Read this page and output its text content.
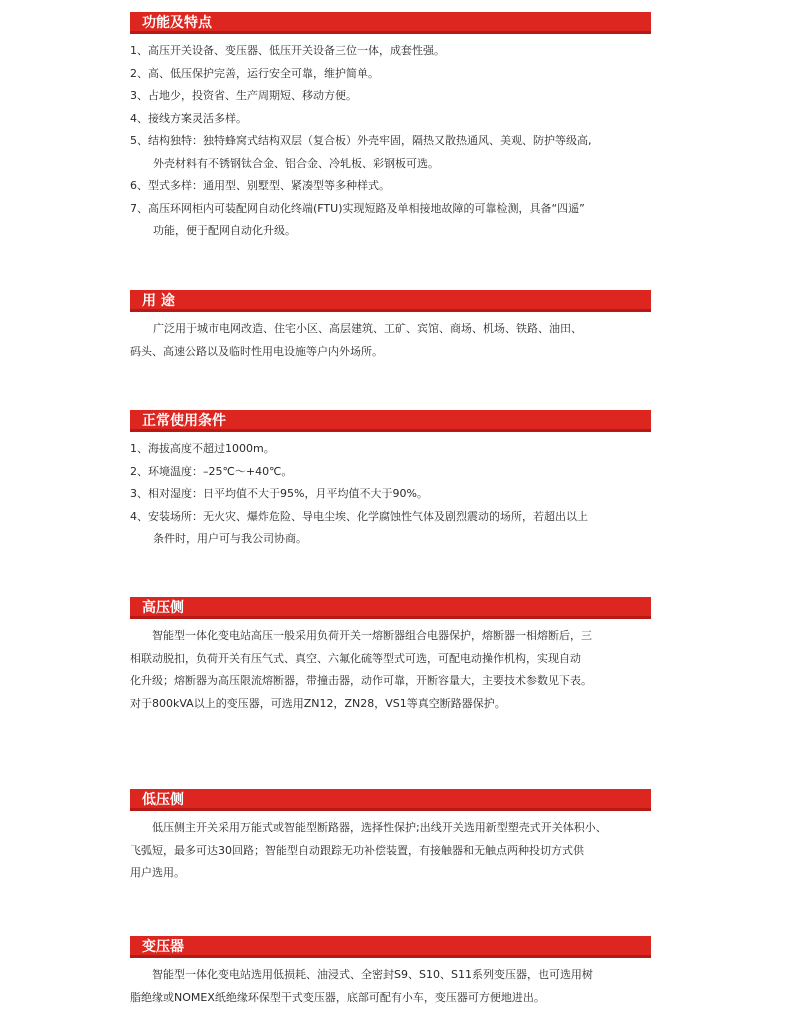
功能及特点
1、高压开关设备、变压器、低压开关设备三位一体，成套性强。
2、高、低压保护完善，运行安全可靠，维护简单。
3、占地少，投资省、生产周期短、移动方便。
4、接线方案灵活多样。
5、结构独特：独特蜂窝式结构双层（复合板）外壳牢固，隔热又散热通风、美观、防护等级高,
外壳材料有不锈钢钛合金、铝合金、冷轧板、彩钢板可选。
6、型式多样：通用型、别墅型、紧凑型等多种样式。
7、高压环网柜内可装配网自动化终端(FTU)实现短路及单相接地故障的可靠检测，具备“四遥”
功能，便于配网自动化升级。
用 途
广泛用于城市电网改造、住宅小区、高层建筑、工矿、宾馆、商场、机场、铁路、油田、
码头、高速公路以及临时性用电设施等户内外场所。
正常使用条件
1、海拔高度不超过1000m。
2、环境温度：–25℃～+40℃。
3、相对湿度：日平均值不大于95%，月平均值不大于90%。
4、安装场所：无火灾、爆炸危险、导电尘埃、化学腐蚀性气体及剧烈震动的场所，若超出以上
条件时，用户可与我公司协商。
高压侧
智能型一体化变电站高压一般采用负荷开关一熔断器组合电器保护，熔断器一相熔断后，三
相联动脱扣，负荷开关有压气式、真空、六氟化硫等型式可选，可配电动操作机构，实现自动
化升级；熔断器为高压限流熔断器，带撞击器，动作可靠，开断容量大，主要技术参数见下表。
对于800kVA以上的变压器，可选用ZN12，ZN28，VS1等真空断路器保护。
低压侧
低压侧主开关采用万能式或智能型断路器，选择性保护;出线开关选用新型塑壳式开关体积小、
飞弧短，最多可达30回路；智能型自动跟踪无功补偿装置，有接触器和无触点两种投切方式供
用户选用。
变压器
智能型一体化变电站选用低损耗、油浸式、全密封S9、S10、S11系列变压器，也可选用树
脂绝缘或NOMEX纸绝缘环保型干式变压器，底部可配有小车，变压器可方便地进出。
